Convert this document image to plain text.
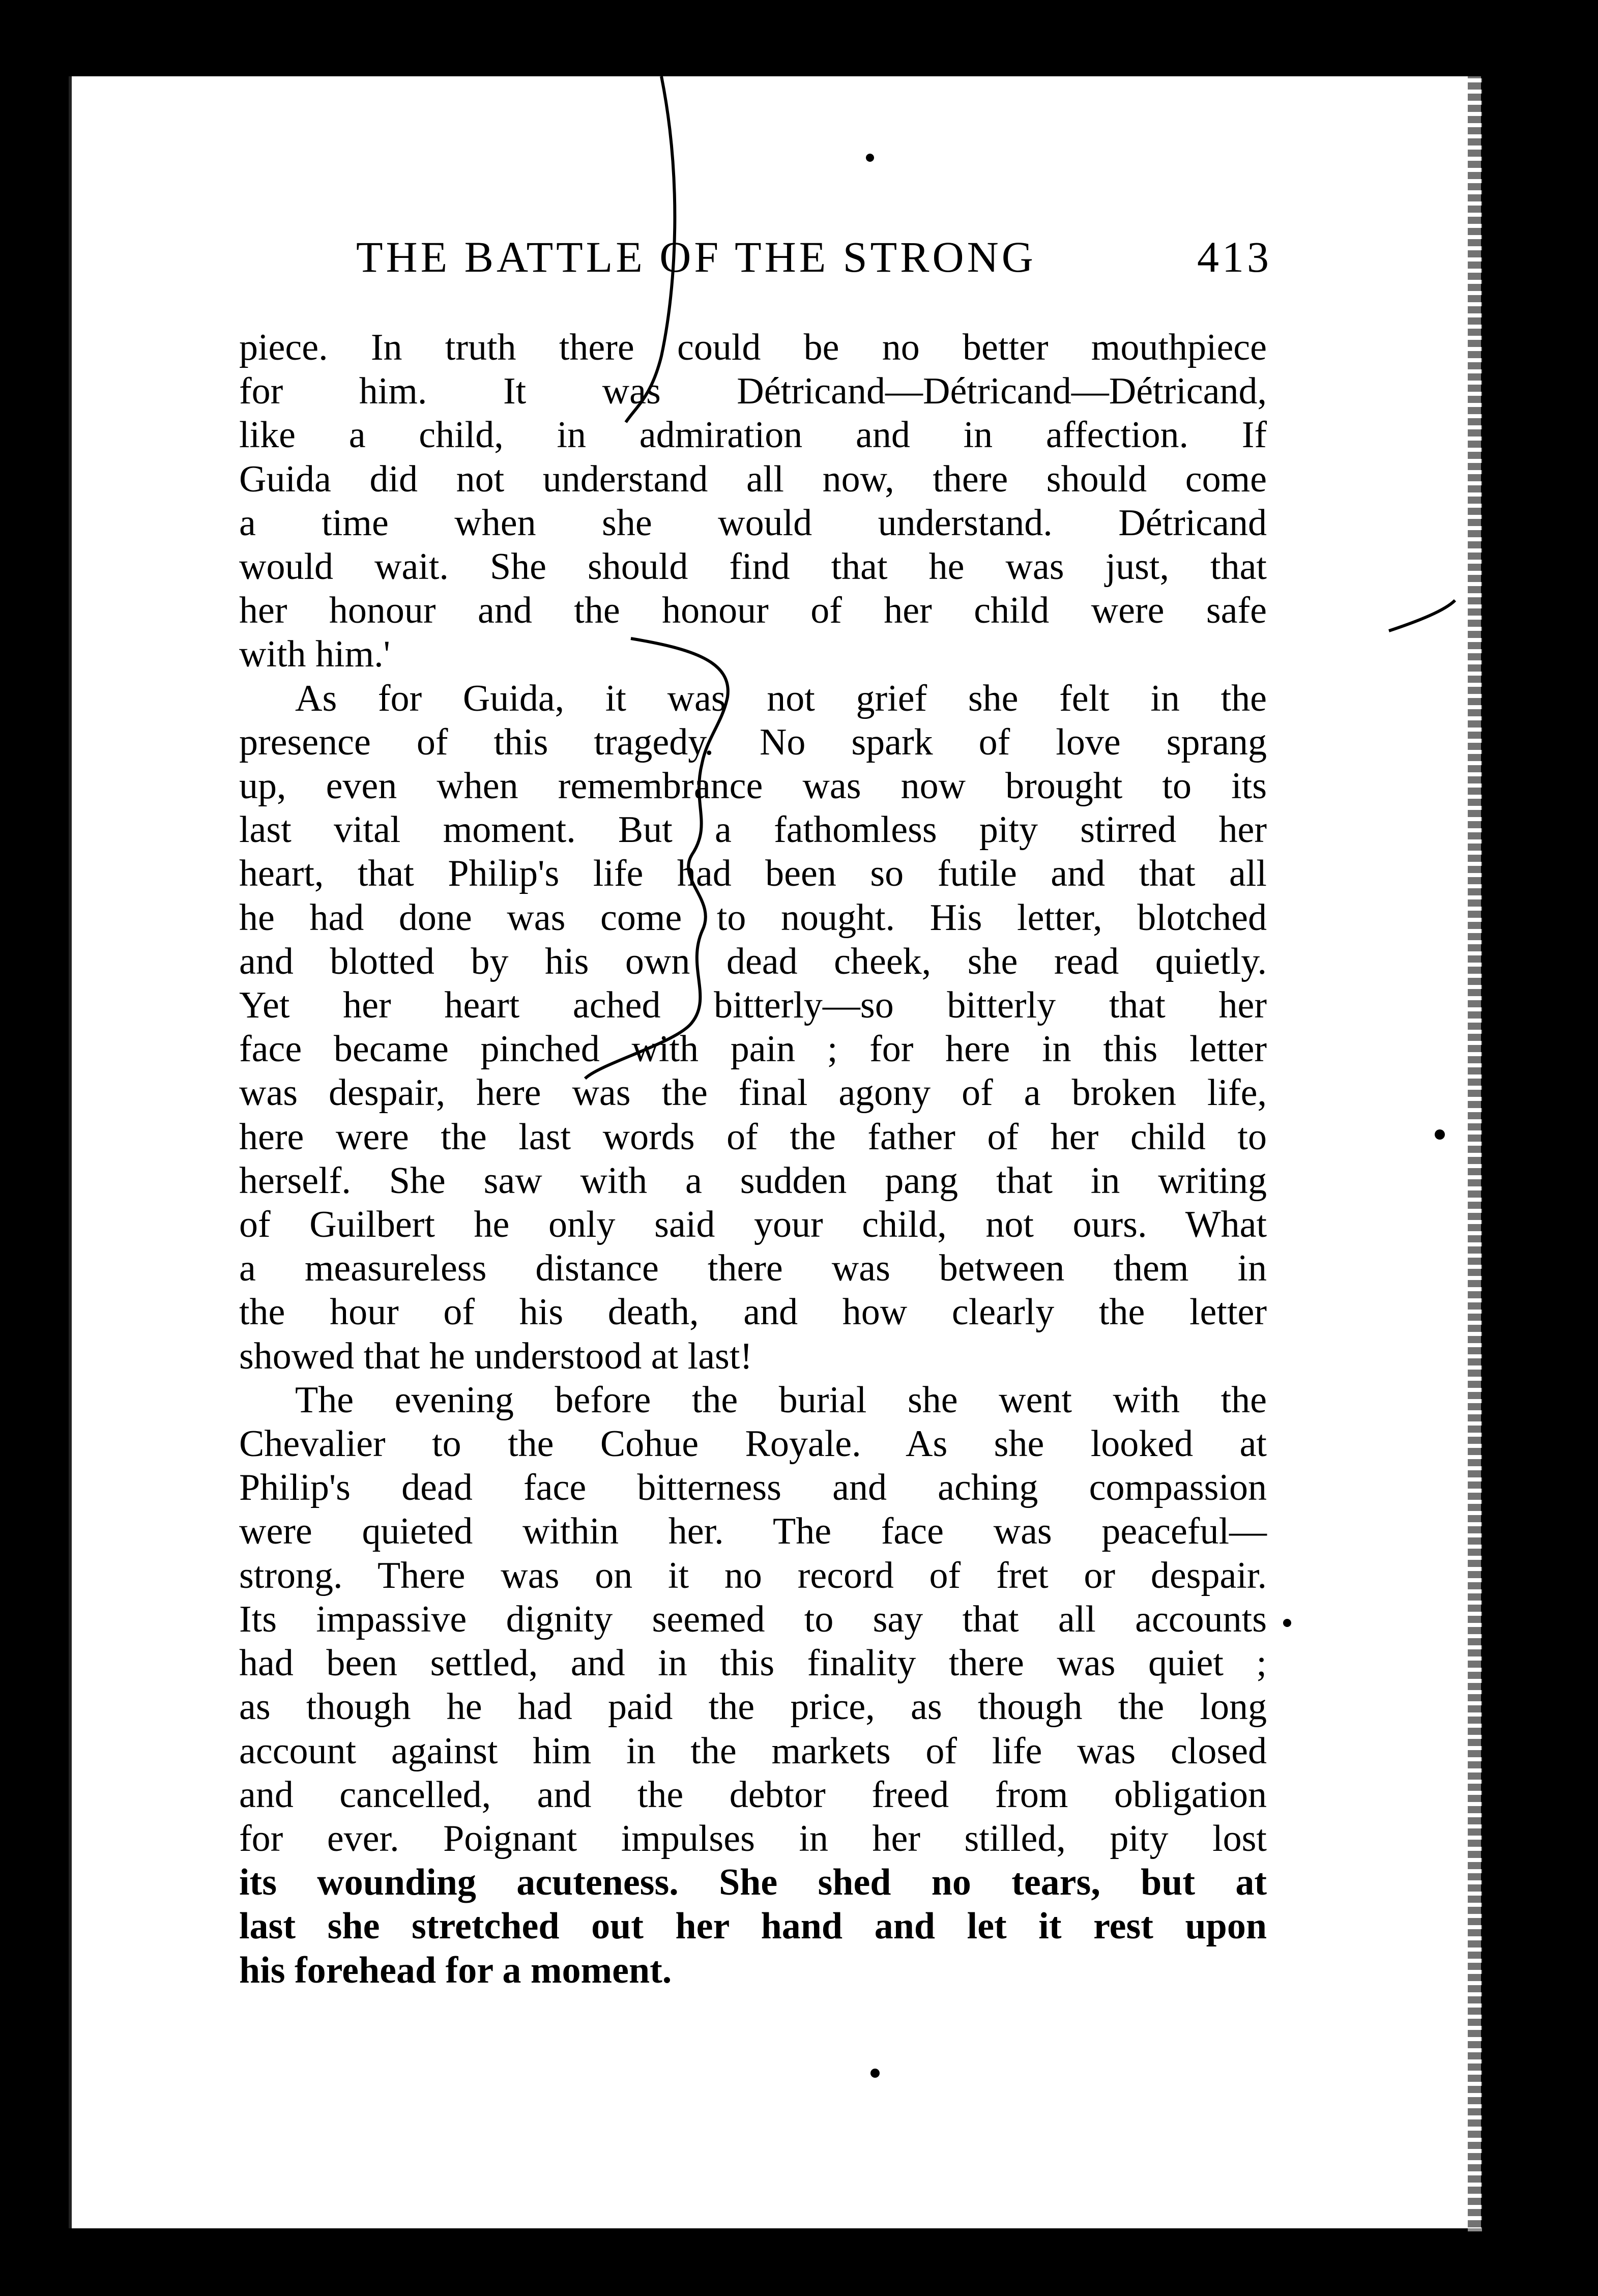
THE BATTLE OF THE STRONG	413

piece. In truth there could be no better mouthpiece
for him. It was Détricand—Détricand—Détricand,
like a child, in admiration and in affection. If
Guida did not understand all now, there should come
a time when she would understand. Détricand
would wait. She should find that he was just, that
her honour and the honour of her child were safe
with him.'

As for Guida, it was not grief she felt in the
presence of this tragedy. No spark of love sprang
up, even when remembrance was now brought to its
last vital moment. But a fathomless pity stirred her
heart, that Philip's life had been so futile and that all
he had done was come to nought. His letter, blotched
and blotted by his own dead cheek, she read quietly.
Yet her heart ached bitterly—so bitterly that her
face became pinched with pain ; for here in this letter
was despair, here was the final agony of a broken life,
here were the last words of the father of her child to
herself. She saw with a sudden pang that in writing
of Guilbert he only said your child, not ours. What
a measureless distance there was between them in
the hour of his death, and how clearly the letter
showed that he understood at last!

The evening before the burial she went with the
Chevalier to the Cohue Royale. As she looked at
Philip's dead face bitterness and aching compassion
were quieted within her. The face was peaceful—
strong. There was on it no record of fret or despair.
Its impassive dignity seemed to say that all accounts
had been settled, and in this finality there was quiet ;
as though he had paid the price, as though the long
account against him in the markets of life was closed
and cancelled, and the debtor freed from obligation
for ever. Poignant impulses in her stilled, pity lost
its wounding acuteness. She shed no tears, but at
last she stretched out her hand and let it rest upon
his forehead for a moment.
